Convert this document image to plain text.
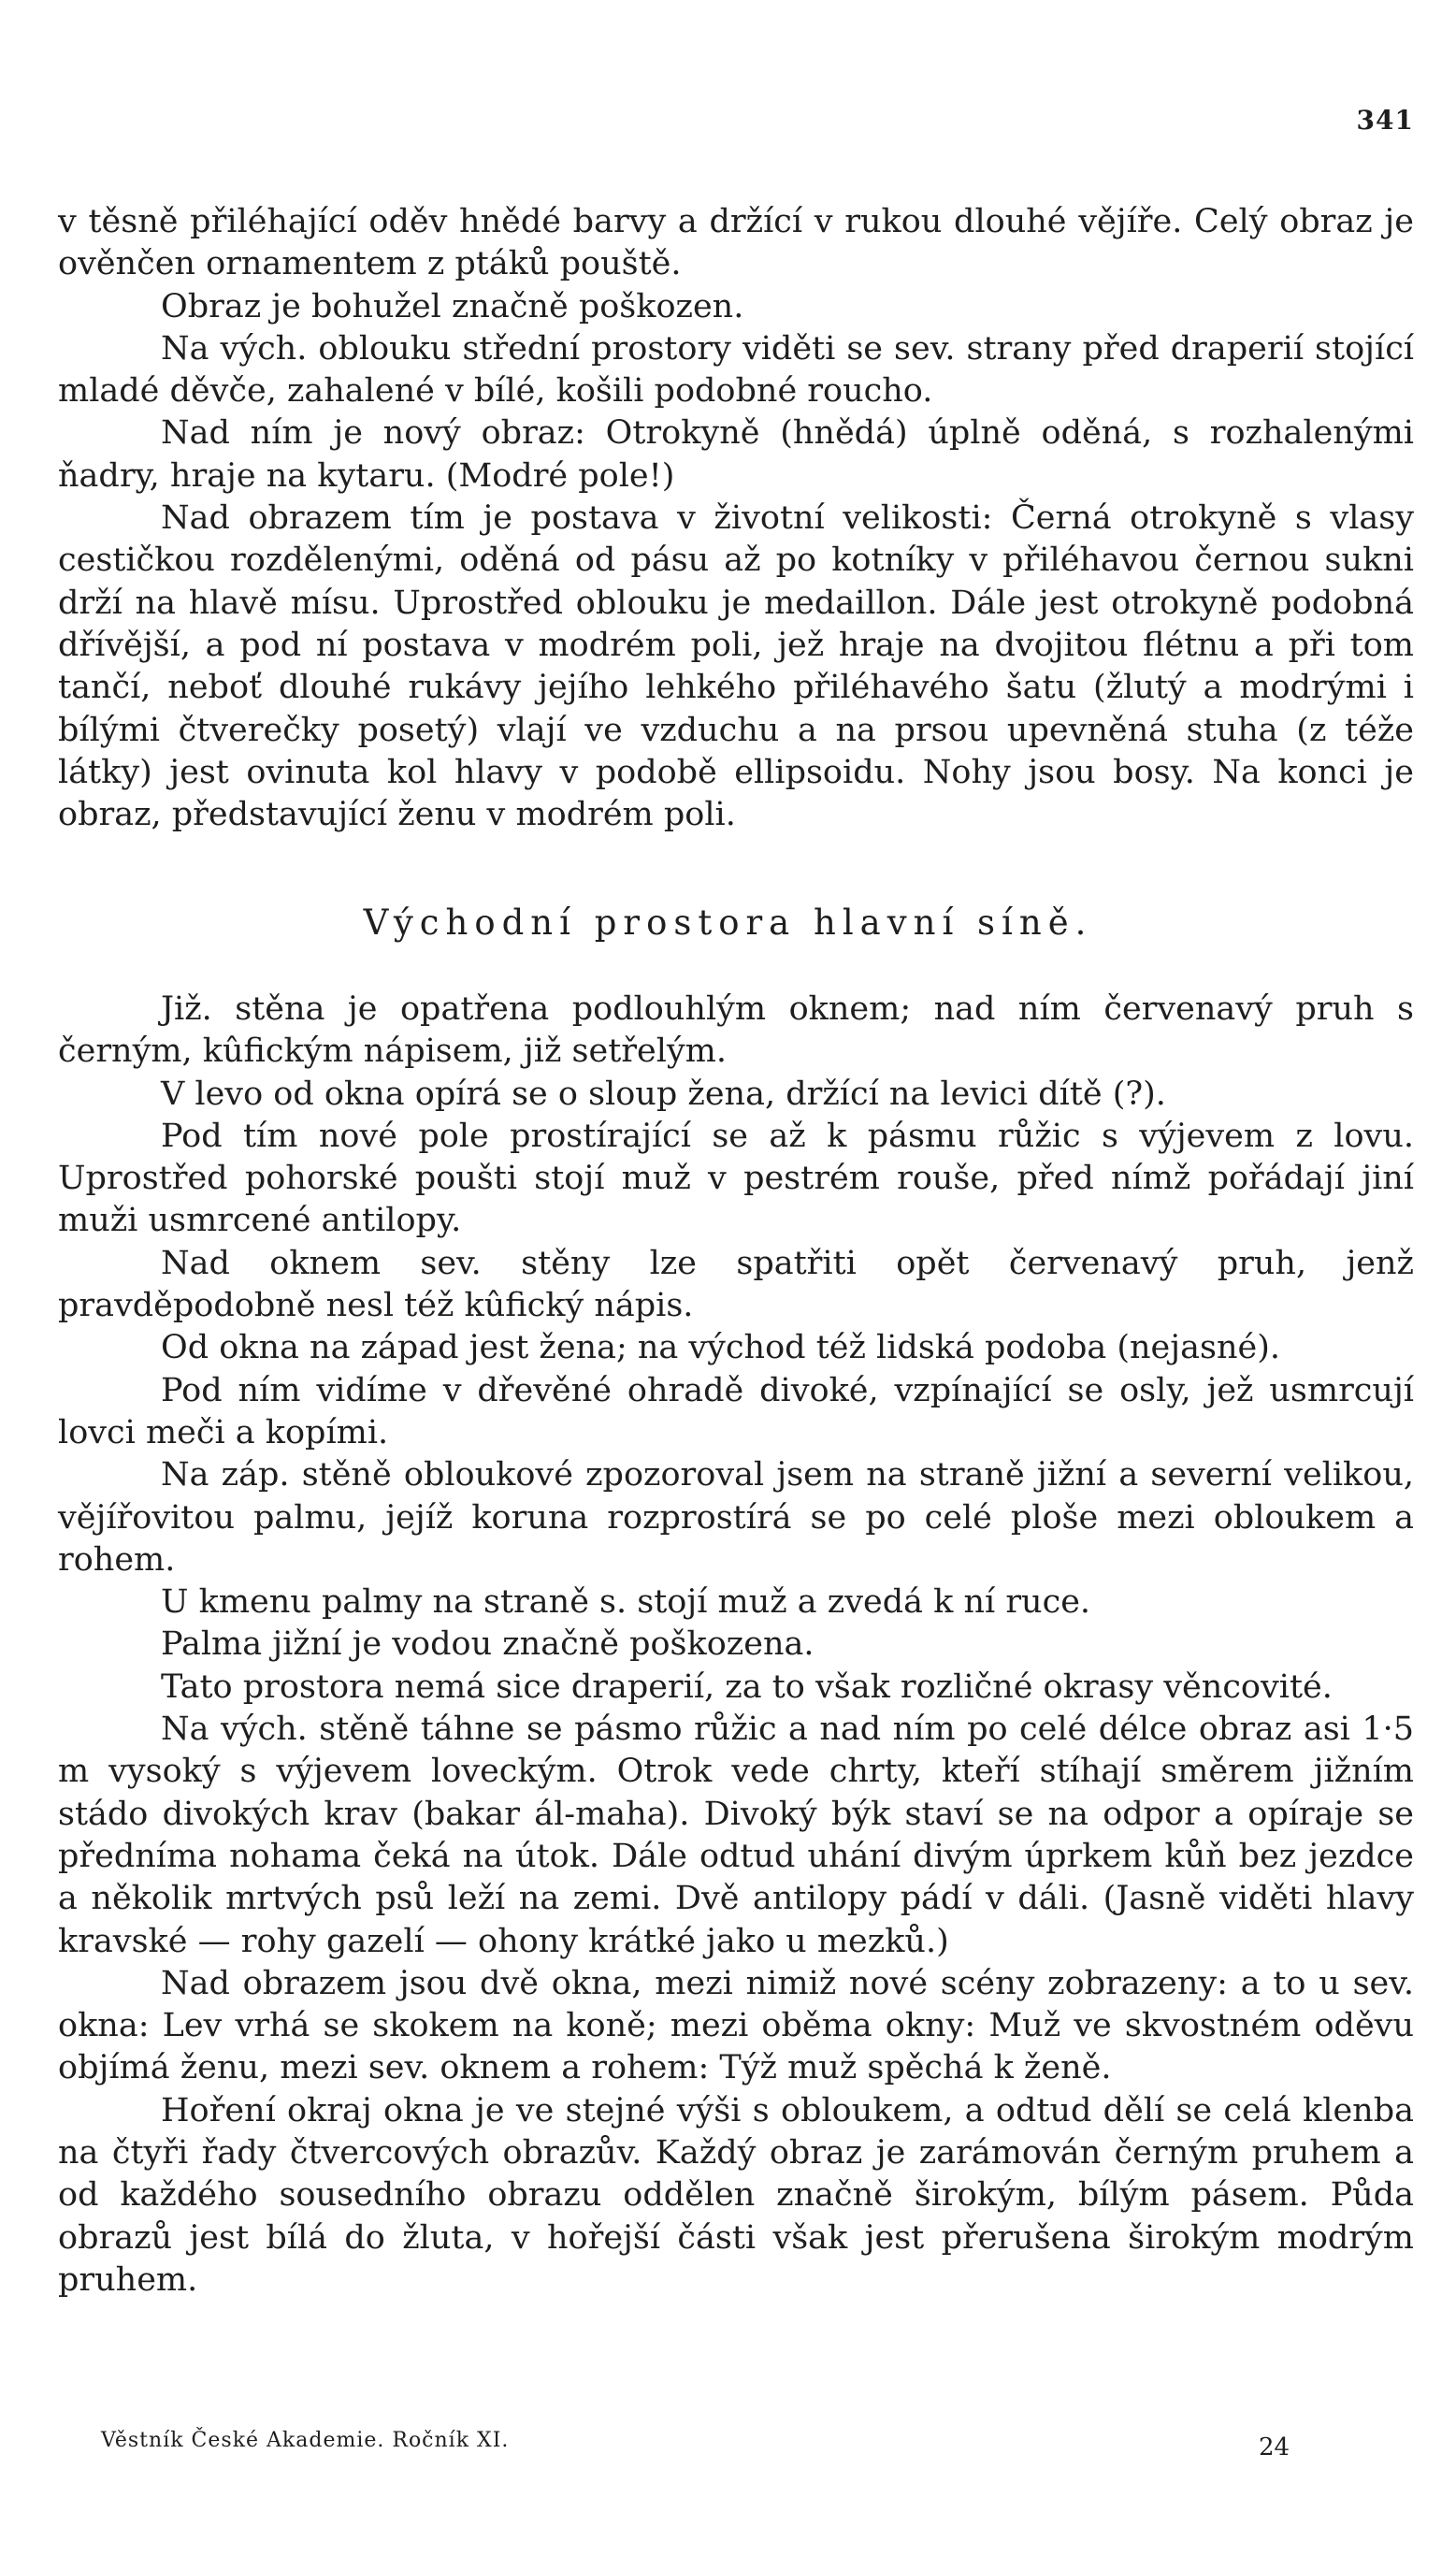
341

v těsně přiléhající oděv hnědé barvy a držící v rukou dlouhé vějíře. Celý obraz je ověnčen ornamentem z ptáků pouště.

Obraz je bohužel značně poškozen.

Na vých. oblouku střední prostory viděti se sev. strany před draperií stojící mladé děvče, zahalené v bílé, košili podobné roucho.

Nad ním je nový obraz: Otrokyně (hnědá) úplně oděná, s rozhalenými ňadry, hraje na kytaru. (Modré pole!)

Nad obrazem tím je postava v životní velikosti: Černá otrokyně s vlasy cestičkou rozdělenými, oděná od pásu až po kotníky v přiléhavou černou sukni drží na hlavě mísu. Uprostřed oblouku je medaillon. Dále jest otrokyně podobná dřívější, a pod ní postava v modrém poli, jež hraje na dvojitou flétnu a při tom tančí, neboť dlouhé rukávy jejího lehkého přiléhavého šatu (žlutý a modrými i bílými čtverečky posetý) vlají ve vzduchu a na prsou upevněná stuha (z téže látky) jest ovinuta kol hlavy v podobě ellipsoidu. Nohy jsou bosy. Na konci je obraz, představující ženu v modrém poli.

Východní prostora hlavní síně.

Již. stěna je opatřena podlouhlým oknem; nad ním červenavý pruh s černým, kûfickým nápisem, již setřelým.

V levo od okna opírá se o sloup žena, držící na levici dítě (?).

Pod tím nové pole prostírající se až k pásmu růžic s výjevem z lovu. Uprostřed pohorské poušti stojí muž v pestrém rouše, před nímž pořádají jiní muži usmrcené antilopy.

Nad oknem sev. stěny lze spatřiti opět červenavý pruh, jenž pravděpodobně nesl též kûfický nápis.

Od okna na západ jest žena; na východ též lidská podoba (nejasné).

Pod ním vidíme v dřevěné ohradě divoké, vzpínající se osly, jež usmrcují lovci meči a kopími.

Na záp. stěně obloukové zpozoroval jsem na straně jižní a severní velikou, vějířovitou palmu, jejíž koruna rozprostírá se po celé ploše mezi obloukem a rohem.

U kmenu palmy na straně s. stojí muž a zvedá k ní ruce.

Palma jižní je vodou značně poškozena.

Tato prostora nemá sice draperií, za to však rozličné okrasy věncovité.

Na vých. stěně táhne se pásmo růžic a nad ním po celé délce obraz asi 1·5 m vysoký s výjevem loveckým. Otrok vede chrty, kteří stíhají směrem jižním stádo divokých krav (bakar ál-maha). Divoký býk staví se na odpor a opíraje se předníma nohama čeká na útok. Dále odtud uhání divým úprkem kůň bez jezdce a několik mrtvých psů leží na zemi. Dvě antilopy pádí v dáli. (Jasně viděti hlavy kravské — rohy gazelí — ohony krátké jako u mezků.)

Nad obrazem jsou dvě okna, mezi nimiž nové scény zobrazeny: a to u sev. okna: Lev vrhá se skokem na koně; mezi oběma okny: Muž ve skvostném oděvu objímá ženu, mezi sev. oknem a rohem: Týž muž spěchá k ženě.

Hoření okraj okna je ve stejné výši s obloukem, a odtud dělí se celá klenba na čtyři řady čtvercových obrazův. Každý obraz je zarámován černým pruhem a od každého sousedního obrazu oddělen značně širokým, bílým pásem. Půda obrazů jest bílá do žluta, v hořejší části však jest přerušena širokým modrým pruhem.

Věstník České Akademie. Ročník XI.	24
